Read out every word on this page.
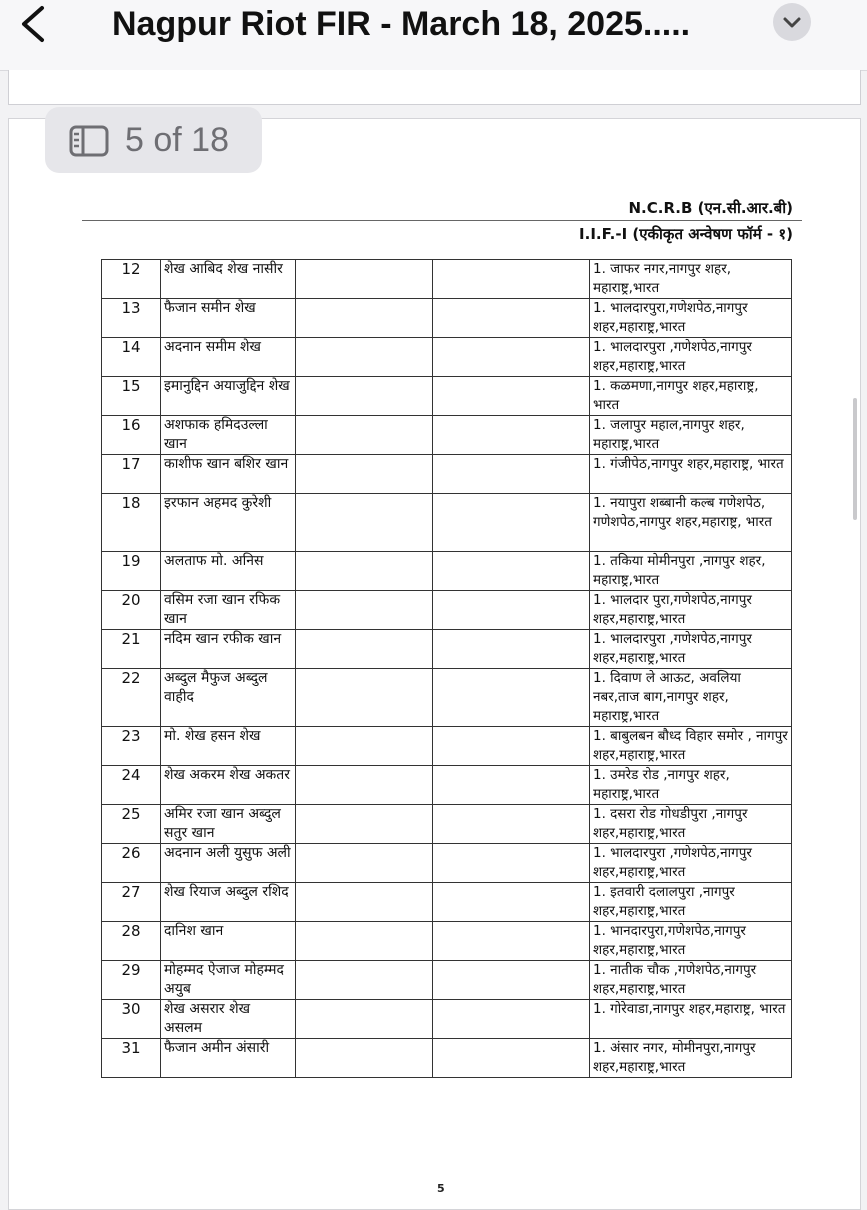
Nagpur Riot FIR - March 18, 2025.....
5 of 18
N.C.R.B (एन.सी.आर.बी)
I.I.F.-I (एकीकृत अन्वेषण फॉर्म - १)
12	शेख आबिद शेख नासीर			1. जाफर नगर,नागपुर शहर, महाराष्ट्र,भारत
13	फैजान समीन शेख			1. भालदारपुरा,गणेशपेठ,नागपुर शहर,महाराष्ट्र,भारत
14	अदनान समीम शेख			1. भालदारपुरा ,गणेशपेठ,नागपुर शहर,महाराष्ट्र,भारत
15	इमानुद्दिन अयाजुद्दिन शेख			1. कळमणा,नागपुर शहर,महाराष्ट्र, भारत
16	अशफाक हमिदउल्ला खान			1. जलापुर महाल,नागपुर शहर, महाराष्ट्र,भारत
17	काशीफ खान बशिर खान			1. गंजीपेठ,नागपुर शहर,महाराष्ट्र, भारत
18	इरफान अहमद कुरेशी			1. नयापुरा शब्बानी कल्ब गणेशपेठ, गणेशपेठ,नागपुर शहर,महाराष्ट्र, भारत
19	अलताफ मो. अनिस			1. तकिया मोमीनपुरा ,नागपुर शहर, महाराष्ट्र,भारत
20	वसिम रजा खान रफिक खान			1. भालदार पुरा,गणेशपेठ,नागपुर शहर,महाराष्ट्र,भारत
21	नदिम खान रफीक खान			1. भालदारपुरा ,गणेशपेठ,नागपुर शहर,महाराष्ट्र,भारत
22	अब्दुल मैफुज अब्दुल वाहीद			1. दिवाण ले आऊट, अवलिया नबर,ताज बाग,नागपुर शहर, महाराष्ट्र,भारत
23	मो. शेख हसन शेख			1. बाबुलबन बौध्द विहार समोर , नागपुर शहर,महाराष्ट्र,भारत
24	शेख अकरम शेख अकतर			1. उमरेड रोड ,नागपुर शहर, महाराष्ट्र,भारत
25	अमिर रजा खान अब्दुल सतुर खान			1. दसरा रोड गोधडीपुरा ,नागपुर शहर,महाराष्ट्र,भारत
26	अदनान अली युसुफ अली			1. भालदारपुरा ,गणेशपेठ,नागपुर शहर,महाराष्ट्र,भारत
27	शेख रियाज अब्दुल रशिद			1. इतवारी दलालपुरा ,नागपुर शहर,महाराष्ट्र,भारत
28	दानिश खान			1. भानदारपुरा,गणेशपेठ,नागपुर शहर,महाराष्ट्र,भारत
29	मोहम्मद ऐजाज मोहम्मद अयुब			1. नातीक चौक ,गणेशपेठ,नागपुर शहर,महाराष्ट्र,भारत
30	शेख असरार शेख असलम			1. गोरेवाडा,नागपुर शहर,महाराष्ट्र, भारत
31	फैजान अमीन अंसारी			1. अंसार नगर, मोमीनपुरा,नागपुर शहर,महाराष्ट्र,भारत
5
